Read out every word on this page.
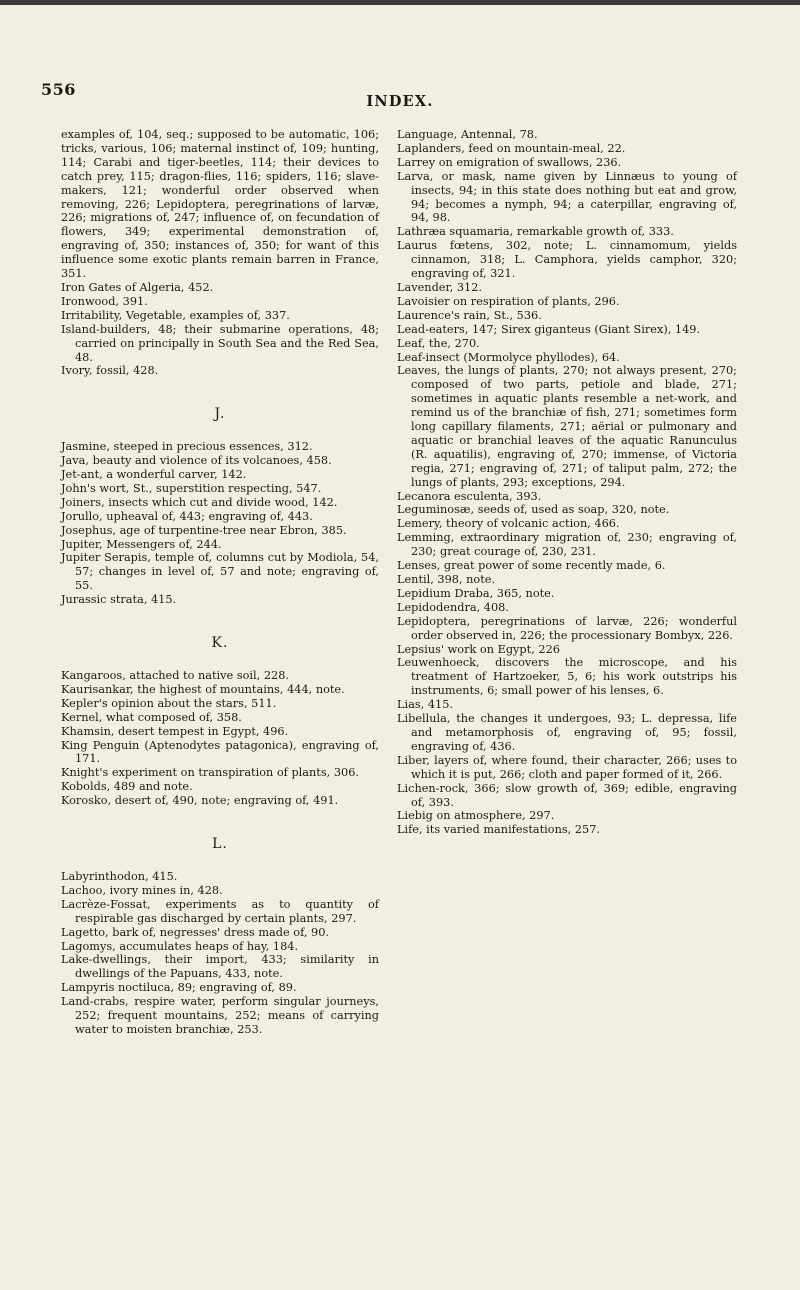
556
INDEX.

examples of, 104, seq.; supposed to be automatic, 106; tricks, various, 106; maternal instinct of, 109; hunting, 114; Carabi and tiger-beetles, 114; their devices to catch prey, 115; dragon-flies, 116; spiders, 116; slave-makers, 121; wonderful order observed when removing, 226; Lepidoptera, peregrinations of larvæ, 226; migrations of, 247; influence of, on fecundation of flowers, 349; experimental demonstration of, engraving of, 350; instances of, 350; for want of this influence some exotic plants remain barren in France, 351.

Iron Gates of Algeria, 452.

Ironwood, 391.

Irritability, Vegetable, examples of, 337.

Island-builders, 48; their submarine operations, 48; carried on principally in South Sea and the Red Sea, 48.

Ivory, fossil, 428.

J.

Jasmine, steeped in precious essences, 312.

Java, beauty and violence of its volcanoes, 458.

Jet-ant, a wonderful carver, 142.

John's wort, St., superstition respecting, 547.

Joiners, insects which cut and divide wood, 142.

Jorullo, upheaval of, 443; engraving of, 443.

Josephus, age of turpentine-tree near Ebron, 385.

Jupiter, Messengers of, 244.

Jupiter Serapis, temple of, columns cut by Modiola, 54, 57; changes in level of, 57 and note; engraving of, 55.

Jurassic strata, 415.

K.

Kangaroos, attached to native soil, 228.

Kaurisankar, the highest of mountains, 444, note.

Kepler's opinion about the stars, 511.

Kernel, what composed of, 358.

Khamsin, desert tempest in Egypt, 496.

King Penguin (Aptenodytes patagonica), engraving of, 171.

Knight's experiment on transpiration of plants, 306.

Kobolds, 489 and note.

Korosko, desert of, 490, note; engraving of, 491.

L.

Labyrinthodon, 415.

Lachoo, ivory mines in, 428.

Lacrèze-Fossat, experiments as to quantity of respirable gas discharged by certain plants, 297.

Lagetto, bark of, negresses' dress made of, 90.

Lagomys, accumulates heaps of hay, 184.

Lake-dwellings, their import, 433; similarity in dwellings of the Papuans, 433, note.

Lampyris noctiluca, 89; engraving of, 89.

Land-crabs, respire water, perform singular journeys, 252; frequent mountains, 252; means of carrying water to moisten branchiæ, 253.

Language, Antennal, 78.

Laplanders, feed on mountain-meal, 22.

Larrey on emigration of swallows, 236.

Larva, or mask, name given by Linnæus to young of insects, 94; in this state does nothing but eat and grow, 94; becomes a nymph, 94; a caterpillar, engraving of, 94, 98.

Lathræa squamaria, remarkable growth of, 333.

Laurus fœtens, 302, note; L. cinnamomum, yields cinnamon, 318; L. Camphora, yields camphor, 320; engraving of, 321.

Lavender, 312.

Lavoisier on respiration of plants, 296.

Laurence's rain, St., 536.

Lead-eaters, 147; Sirex giganteus (Giant Sirex), 149.

Leaf, the, 270.

Leaf-insect (Mormolyce phyllodes), 64.

Leaves, the lungs of plants, 270; not always present, 270; composed of two parts, petiole and blade, 271; sometimes in aquatic plants resemble a net-work, and remind us of the branchiæ of fish, 271; sometimes form long capillary filaments, 271; aërial or pulmonary and aquatic or branchial leaves of the aquatic Ranunculus (R. aquatilis), engraving of, 270; immense, of Victoria regia, 271; engraving of, 271; of taliput palm, 272; the lungs of plants, 293; exceptions, 294.

Lecanora esculenta, 393.

Leguminosæ, seeds of, used as soap, 320, note.

Lemery, theory of volcanic action, 466.

Lemming, extraordinary migration of, 230; engraving of, 230; great courage of, 230, 231.

Lenses, great power of some recently made, 6.

Lentil, 398, note.

Lepidium Draba, 365, note.

Lepidodendra, 408.

Lepidoptera, peregrinations of larvæ, 226; wonderful order observed in, 226; the processionary Bombyx, 226.

Lepsius' work on Egypt, 226

Leuwenhoeck, discovers the microscope, and his treatment of Hartzoeker, 5, 6; his work outstrips his instruments, 6; small power of his lenses, 6.

Lias, 415.

Libellula, the changes it undergoes, 93; L. depressa, life and metamorphosis of, engraving of, 95; fossil, engraving of, 436.

Liber, layers of, where found, their character, 266; uses to which it is put, 266; cloth and paper formed of it, 266.

Lichen-rock, 366; slow growth of, 369; edible, engraving of, 393.

Liebig on atmosphere, 297.

Life, its varied manifestations, 257.
